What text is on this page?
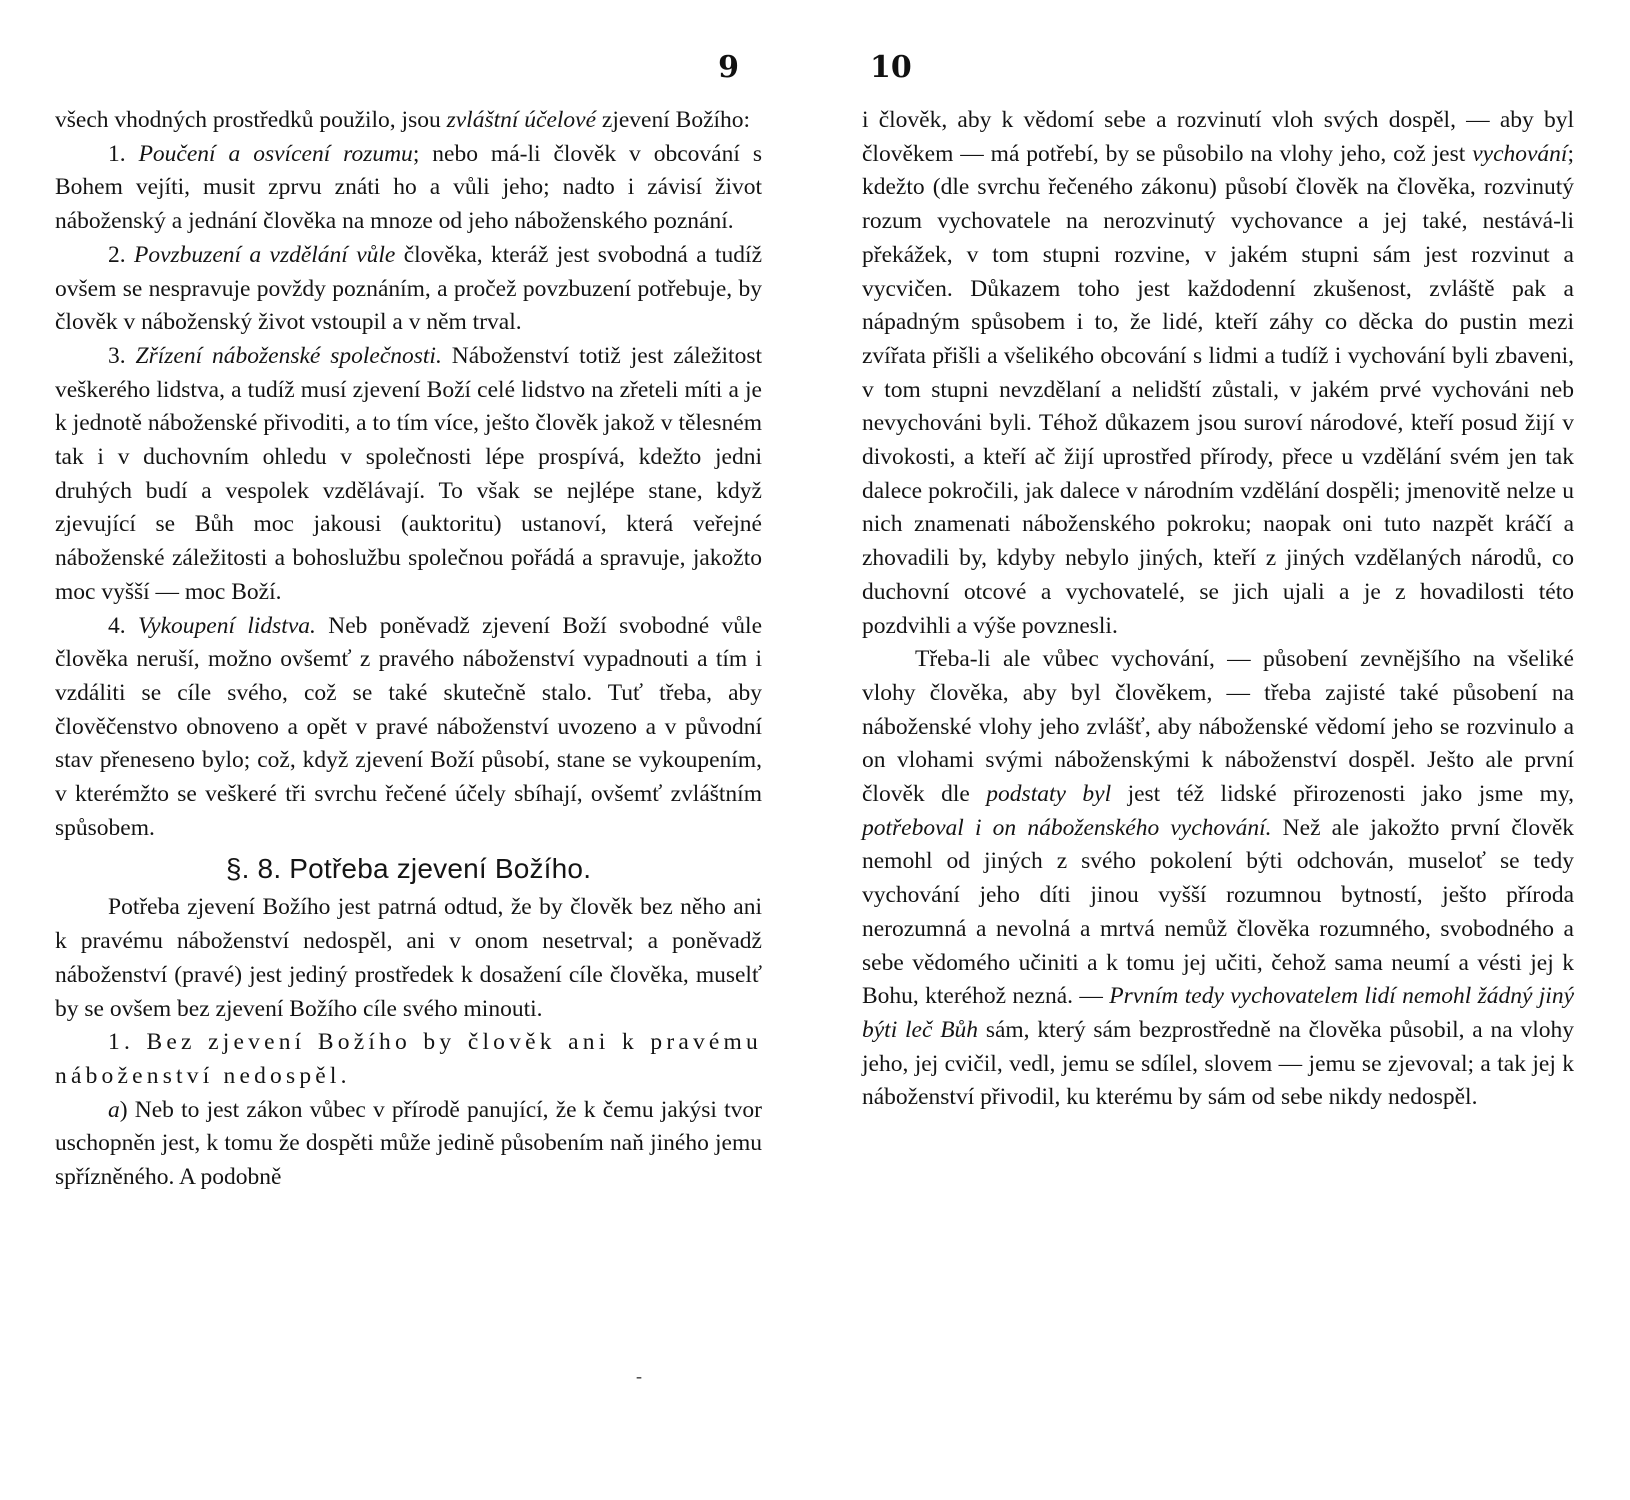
9

všech vhodných prostředků použilo, jsou zvláštní účelové zjevení Božího:

1. Poučení a osvícení rozumu; nebo má-li člověk v obcování s Bohem vejíti, musit zprvu znáti ho a vůli jeho; nadto i závisí život náboženský a jednání člověka na mnoze od jeho náboženského poznání.

2. Povzbuzení a vzdělání vůle člověka, kteráž jest svobodná a tudíž ovšem se nespravuje povždy poznáním, a pročež povzbuzení potřebuje, by člověk v náboženský život vstoupil a v něm trval.

3. Zřízení náboženské společnosti. Náboženství totiž jest záležitost veškerého lidstva, a tudíž musí zjevení Boží celé lidstvo na zřeteli míti a je k jednotě náboženské přivoditi, a to tím více, ješto člověk jakož v tělesném tak i v duchovním ohledu v společnosti lépe prospívá, kdežto jedni druhých budí a vespolek vzdělávají. To však se nejlépe stane, když zjevující se Bůh moc jakousi (auktoritu) ustanoví, která veřejné náboženské záležitosti a bohoslužbu společnou pořádá a spravuje, jakožto moc vyšší — moc Boží.

4. Vykoupení lidstva. Neb poněvadž zjevení Boží svobodné vůle člověka neruší, možno ovšemť z pravého náboženství vypadnouti a tím i vzdáliti se cíle svého, což se také skutečně stalo. Tuť třeba, aby člověčenstvo obnoveno a opět v pravé náboženství uvozeno a v původní stav přeneseno bylo; což, když zjevení Boží působí, stane se vykoupením, v kterémžto se veškeré tři svrchu řečené účely sbíhají, ovšemť zvláštním spůsobem.

§. 8. Potřeba zjevení Božího.

Potřeba zjevení Božího jest patrná odtud, že by člověk bez něho ani k pravému náboženství nedospěl, ani v onom nesetrval; a poněvadž náboženství (pravé) jest jediný prostředek k dosažení cíle člověka, muselť by se ovšem bez zjevení Božího cíle svého minouti.

1. Bez zjevení Božího by člověk ani k pravému náboženství nedospěl.

a) Neb to jest zákon vůbec v přírodě panující, že k čemu jakýsi tvor uschopněn jest, k tomu že dospěti může jedině působením naň jiného jemu spřízněného. A podobně

10

i člověk, aby k vědomí sebe a rozvinutí vloh svých dospěl, — aby byl člověkem — má potřebí, by se působilo na vlohy jeho, což jest vychování; kdežto (dle svrchu řečeného zákonu) působí člověk na člověka, rozvinutý rozum vychovatele na nerozvinutý vychovance a jej také, nestává-li překážek, v tom stupni rozvine, v jakém stupni sám jest rozvinut a vycvičen. Důkazem toho jest každodenní zkušenost, zvláště pak a nápadným spůsobem i to, že lidé, kteří záhy co děcka do pustin mezi zvířata přišli a všelikého obcování s lidmi a tudíž i vychování byli zbaveni, v tom stupni nevzdělaní a nelidští zůstali, v jakém prvé vychováni neb nevychováni byli. Téhož důkazem jsou suroví národové, kteří posud žijí v divokosti, a kteří ač žijí uprostřed přírody, přece u vzdělání svém jen tak dalece pokročili, jak dalece v národním vzdělání dospěli; jmenovitě nelze u nich znamenati náboženského pokroku; naopak oni tuto nazpět kráčí a zhovadili by, kdyby nebylo jiných, kteří z jiných vzdělaných národů, co duchovní otcové a vychovatelé, se jich ujali a je z hovadilosti této pozdvihli a výše povznesli.

Třeba-li ale vůbec vychování, — působení zevnějšího na všeliké vlohy člověka, aby byl člověkem, — třeba zajisté také působení na náboženské vlohy jeho zvlášť, aby náboženské vědomí jeho se rozvinulo a on vlohami svými náboženskými k náboženství dospěl. Ješto ale první člověk dle podstaty byl jest též lidské přirozenosti jako jsme my, potřeboval i on náboženského vychování. Než ale jakožto první člověk nemohl od jiných z svého pokolení býti odchován, muselоť se tedy vychování jeho díti jinou vyšší rozumnou bytností, ješto příroda nerozumná a nevolná a mrtvá nemůž člověka rozumného, svobodného a sebe vědomého učiniti a k tomu jej učiti, čehož sama neumí a vésti jej k Bohu, kteréhož nezná. — Prvním tedy vychovatelem lidí nemohl žádný jiný býti leč Bůh sám, který sám bezprostředně na člověka působil, a na vlohy jeho, jej cvičil, vedl, jemu se sdílel, slovem — jemu se zjevoval; a tak jej k náboženství přivodil, ku kterému by sám od sebe nikdy nedospěl.

-
